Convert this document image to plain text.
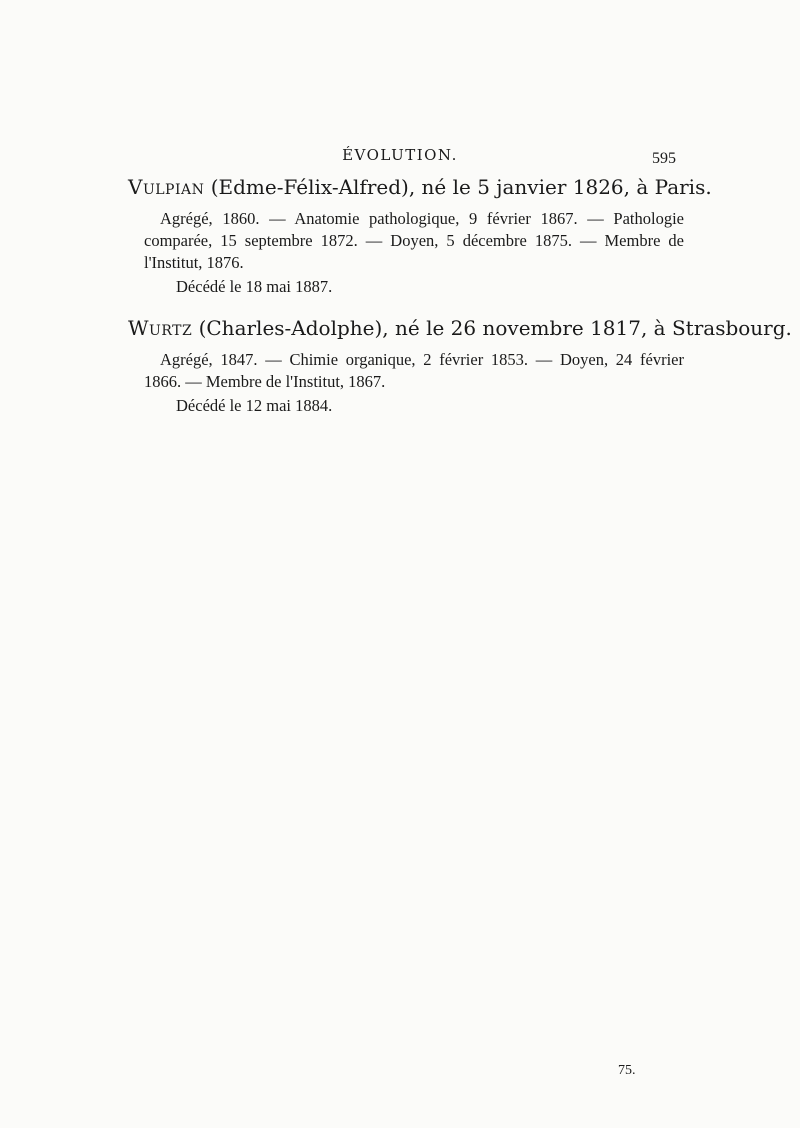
ÉVOLUTION.	595
Vulpian (Edme-Félix-Alfred), né le 5 janvier 1826, à Paris.

Agrégé, 1860. — Anatomie pathologique, 9 février 1867. — Pathologie comparée, 15 septembre 1872. — Doyen, 5 décembre 1875. — Membre de l'Institut, 1876.

Décédé le 18 mai 1887.
Wurtz (Charles-Adolphe), né le 26 novembre 1817, à Strasbourg.

Agrégé, 1847. — Chimie organique, 2 février 1853. — Doyen, 24 février 1866. — Membre de l'Institut, 1867.

Décédé le 12 mai 1884.
75.
